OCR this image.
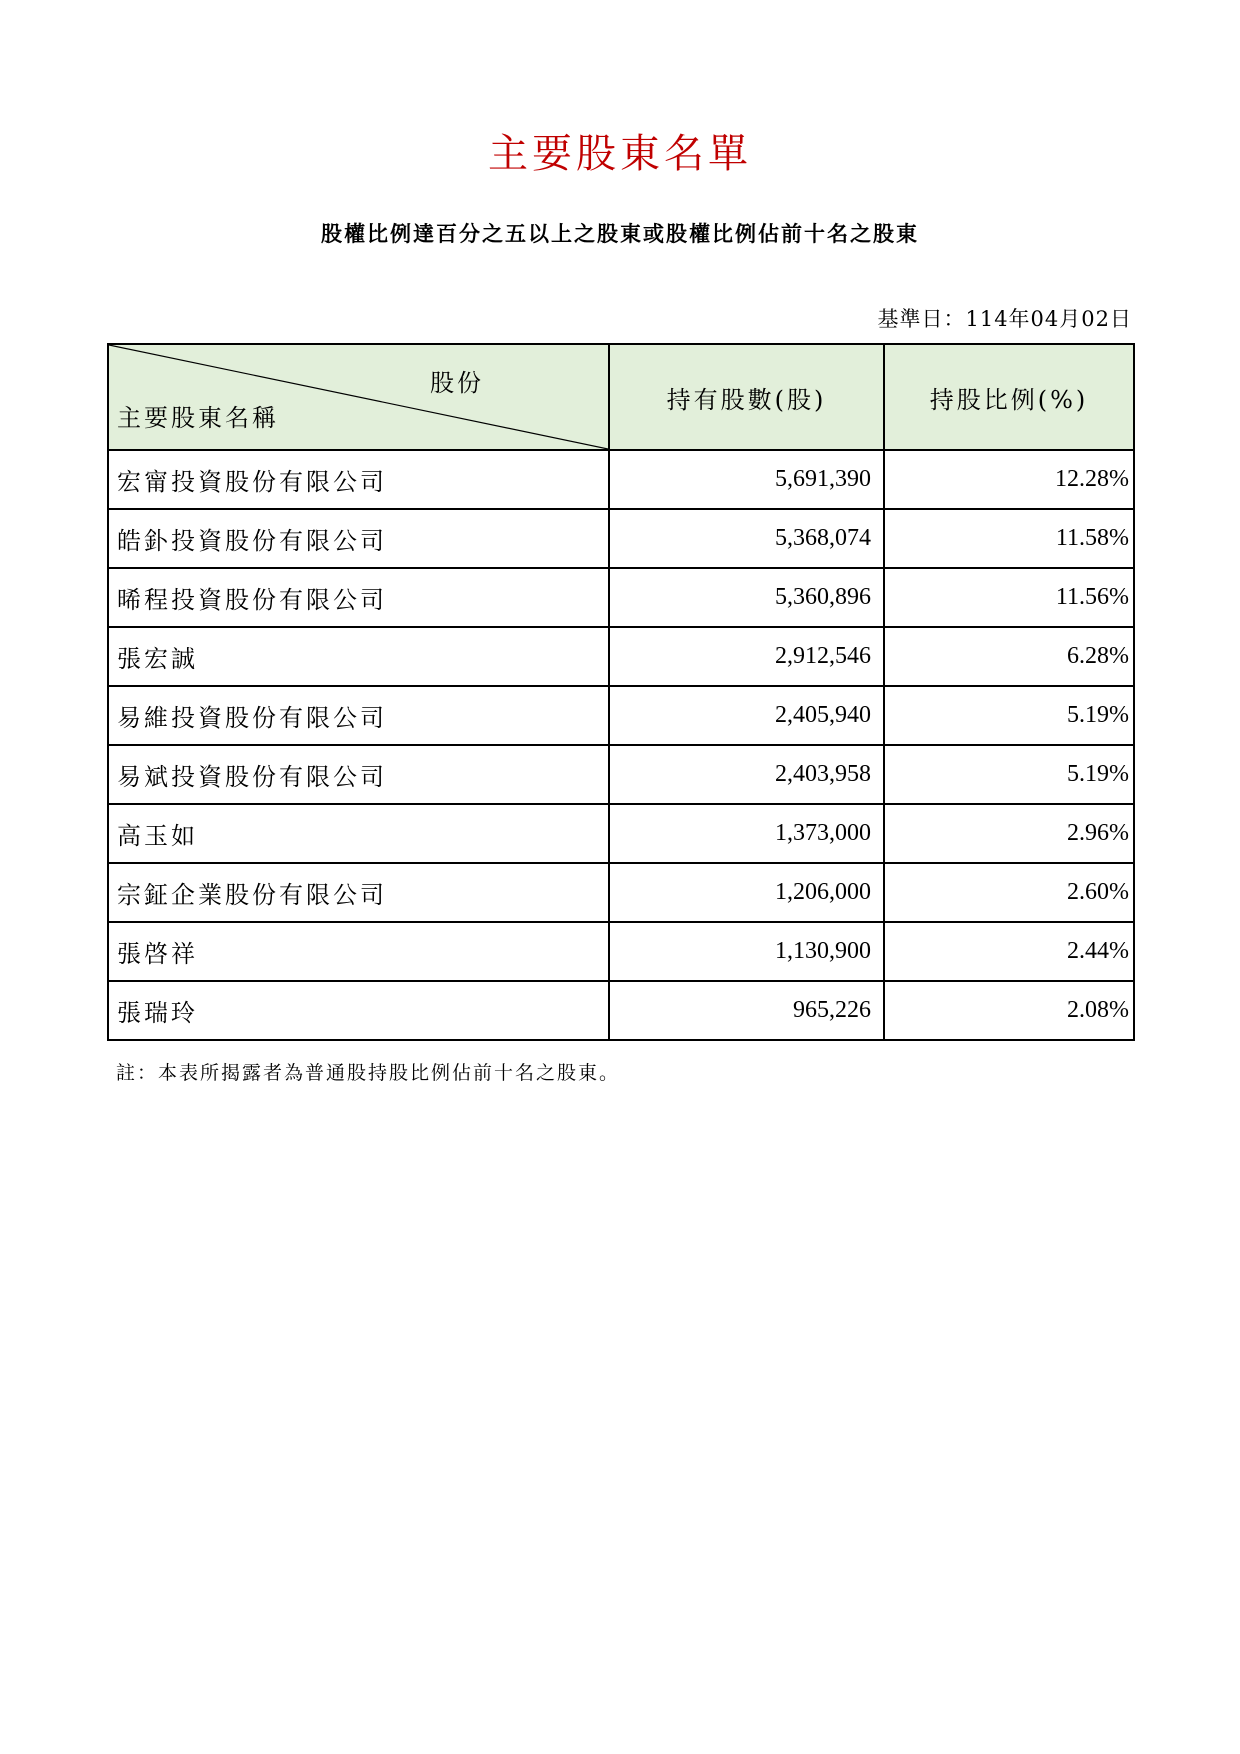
主要股東名單
股權比例達百分之五以上之股東或股權比例佔前十名之股東
基準日：114年04月02日
股份
主要股東名稱	持有股數(股)	持股比例(%)
宏甯投資股份有限公司	5,691,390	12.28%
皓釙投資股份有限公司	5,368,074	11.58%
晞程投資股份有限公司	5,360,896	11.56%
張宏誠	2,912,546	6.28%
易維投資股份有限公司	2,405,940	5.19%
易斌投資股份有限公司	2,403,958	5.19%
高玉如	1,373,000	2.96%
宗鉦企業股份有限公司	1,206,000	2.60%
張啓祥	1,130,900	2.44%
張瑞玲	965,226	2.08%
註：本表所揭露者為普通股持股比例佔前十名之股東。
